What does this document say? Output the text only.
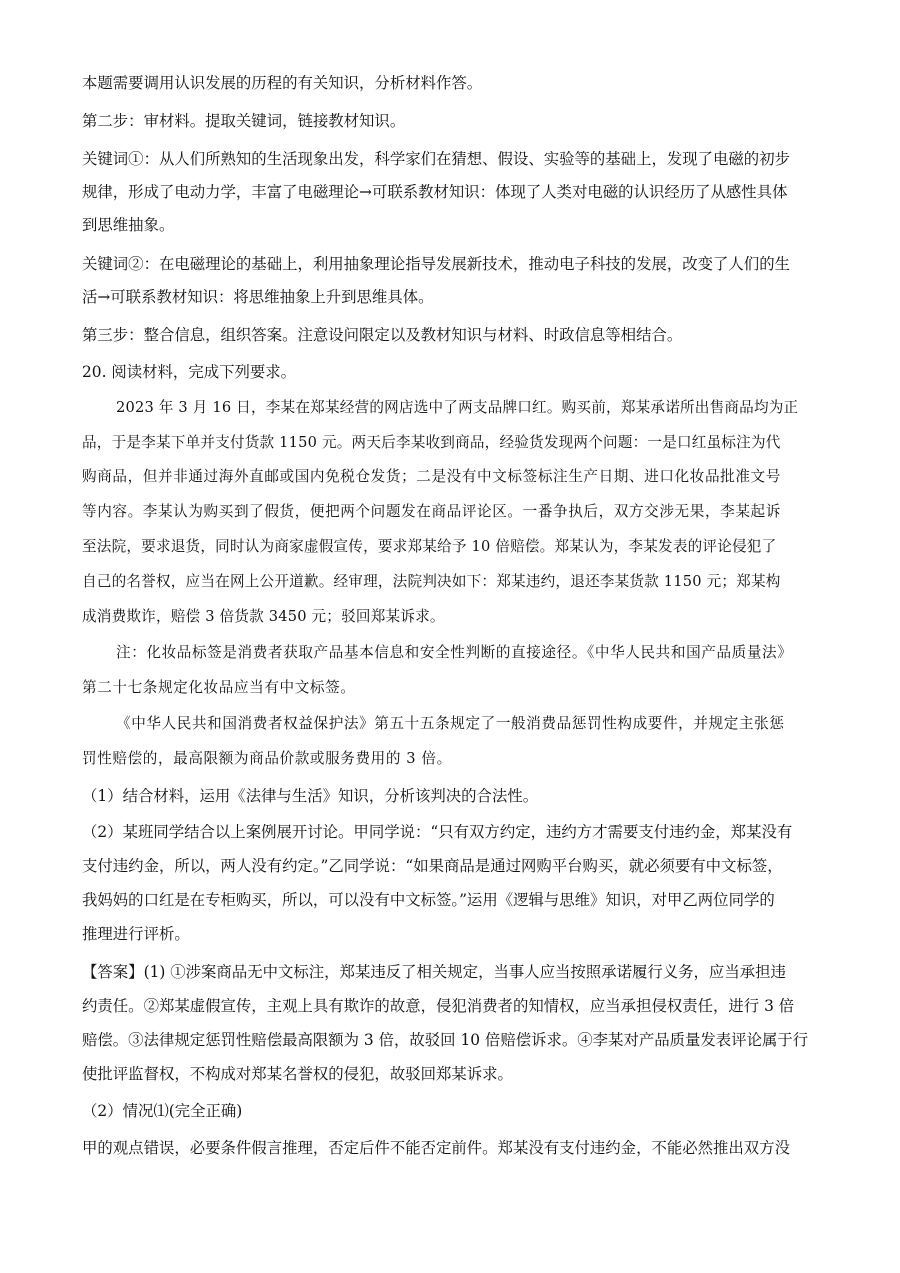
本题需要调用认识发展的历程的有关知识，分析材料作答。
第二步：审材料。提取关键词，链接教材知识。
关键词①：从人们所熟知的生活现象出发，科学家们在猜想、假设、实验等的基础上，发现了电磁的初步
规律，形成了电动力学，丰富了电磁理论→可联系教材知识：体现了人类对电磁的认识经历了从感性具体
到思维抽象。
关键词②：在电磁理论的基础上，利用抽象理论指导发展新技术，推动电子科技的发展，改变了人们的生
活→可联系教材知识：将思维抽象上升到思维具体。
第三步：整合信息，组织答案。注意设问限定以及教材知识与材料、时政信息等相结合。
20. 阅读材料，完成下列要求。
2023 年 3 月 16 日，李某在郑某经营的网店选中了两支品牌口红。购买前，郑某承诺所出售商品均为正
品，于是李某下单并支付货款 1150 元。两天后李某收到商品，经验货发现两个问题：一是口红虽标注为代
购商品，但并非通过海外直邮或国内免税仓发货；二是没有中文标签标注生产日期、进口化妆品批准文号
等内容。李某认为购买到了假货，便把两个问题发在商品评论区。一番争执后，双方交涉无果，李某起诉
至法院，要求退货，同时认为商家虚假宣传，要求郑某给予 10 倍赔偿。郑某认为，李某发表的评论侵犯了
自己的名誉权，应当在网上公开道歉。经审理，法院判决如下：郑某违约，退还李某货款 1150 元；郑某构
成消费欺诈，赔偿 3 倍货款 3450 元；驳回郑某诉求。
注：化妆品标签是消费者获取产品基本信息和安全性判断的直接途径。《中华人民共和国产品质量法》
第二十七条规定化妆品应当有中文标签。
《中华人民共和国消费者权益保护法》第五十五条规定了一般消费品惩罚性构成要件，并规定主张惩
罚性赔偿的，最高限额为商品价款或服务费用的 3 倍。
（1）结合材料，运用《法律与生活》知识，分析该判决的合法性。
（2）某班同学结合以上案例展开讨论。甲同学说：“只有双方约定，违约方才需要支付违约金，郑某没有
支付违约金，所以，两人没有约定。”乙同学说：“如果商品是通过网购平台购买，就必须要有中文标签，
我妈妈的口红是在专柜购买，所以，可以没有中文标签。”运用《逻辑与思维》知识，对甲乙两位同学的
推理进行评析。
【答案】(1) ①涉案商品无中文标注，郑某违反了相关规定，当事人应当按照承诺履行义务，应当承担违
约责任。②郑某虚假宣传，主观上具有欺诈的故意，侵犯消费者的知情权，应当承担侵权责任，进行 3 倍
赔偿。③法律规定惩罚性赔偿最高限额为 3 倍，故驳回 10 倍赔偿诉求。④李某对产品质量发表评论属于行
使批评监督权，不构成对郑某名誉权的侵犯，故驳回郑某诉求。
（2）情况⑴(完全正确)
甲的观点错误，必要条件假言推理，否定后件不能否定前件。郑某没有支付违约金，不能必然推出双方没
